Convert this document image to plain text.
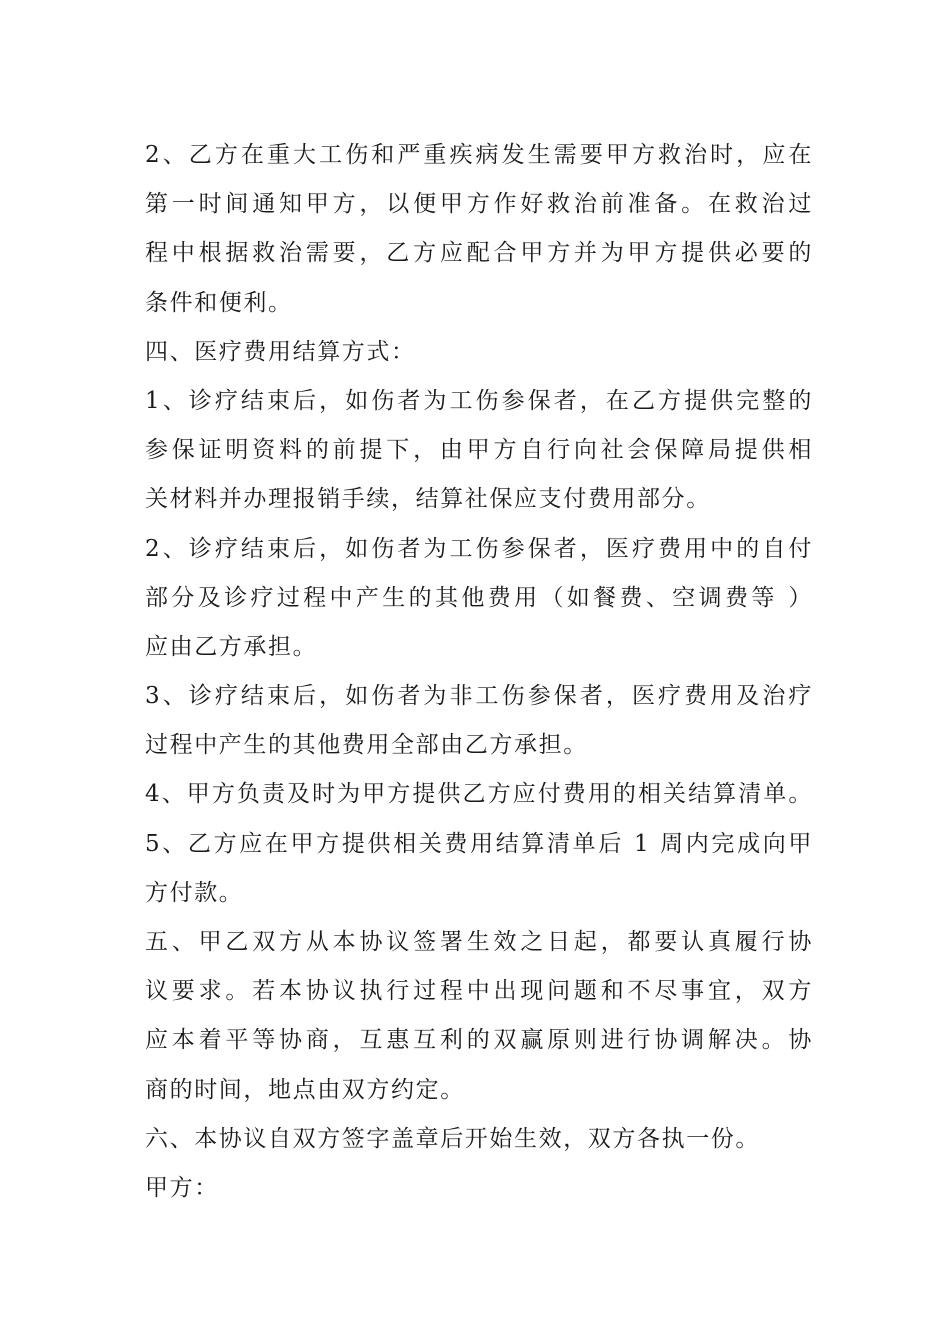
2、乙方在重大工伤和严重疾病发生需要甲方救治时，应在
第一时间通知甲方，以便甲方作好救治前准备。在救治过
程中根据救治需要，乙方应配合甲方并为甲方提供必要的
条件和便利。
四、医疗费用结算方式：
1、诊疗结束后，如伤者为工伤参保者，在乙方提供完整的
参保证明资料的前提下，由甲方自行向社会保障局提供相
关材料并办理报销手续，结算社保应支付费用部分。
2、诊疗结束后，如伤者为工伤参保者，医疗费用中的自付
部分及诊疗过程中产生的其他费用（如餐费、空调费等 ）
应由乙方承担。
3、诊疗结束后，如伤者为非工伤参保者，医疗费用及治疗
过程中产生的其他费用全部由乙方承担。
4、甲方负责及时为甲方提供乙方应付费用的相关结算清单。
5、乙方应在甲方提供相关费用结算清单后 1 周内完成向甲
方付款。
五、甲乙双方从本协议签署生效之日起，都要认真履行协
议要求。若本协议执行过程中出现问题和不尽事宜，双方
应本着平等协商，互惠互利的双赢原则进行协调解决。协
商的时间，地点由双方约定。
六、本协议自双方签字盖章后开始生效，双方各执一份。
甲方：
